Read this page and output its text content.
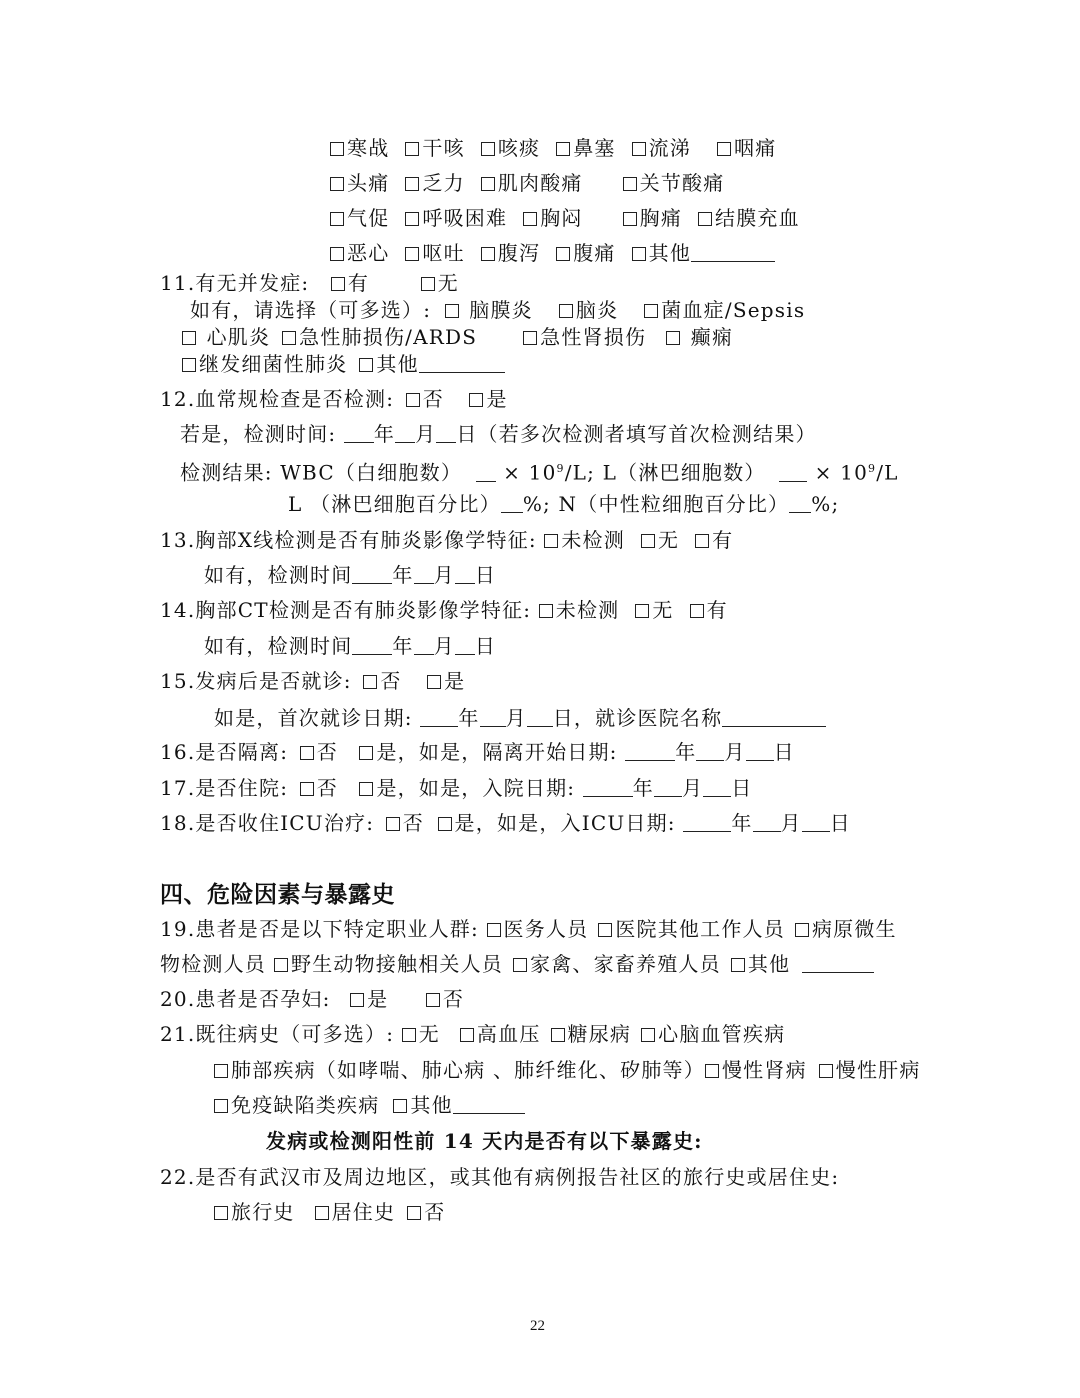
寒战 干咳 咳痰 鼻塞 流涕 咽痛
头痛 乏力 肌肉酸痛	关节酸痛
气促 呼吸困难 胸闷	胸痛 结膜充血
恶心 呕吐 腹泻 腹痛 其他
11.有无并发症: 有	无
如有，请选择（可多选）: 脑膜炎 脑炎 菌血症/Sepsis
心肌炎 急性肺损伤/ARDS	急性肾损伤 癫痫
继发细菌性肺炎 其他
12.血常规检查是否检测: 否 是
若是，检测时间: 年 月 日（若多次检测者填写首次检测结果）
检测结果: WBC（白细胞数） × $10^9/L$; L（淋巴细胞数） × $10^9/L$
L （淋巴细胞百分比） %; N（中性粒细胞百分比） %;
13.胸部X线检测是否有肺炎影像学特征: 未检测 无 有
如有，检测时间 年 月 日
14.胸部CT检测是否有肺炎影像学特征: 未检测 无 有
如有，检测时间 年 月 日
15.发病后是否就诊: 否 是
如是，首次就诊日期: 年 月 日，就诊医院名称
16.是否隔离: 否 是，如是，隔离开始日期:	年 月 日
17.是否住院: 否 是，如是，入院日期:	年 月 日
18.是否收住ICU治疗: 否 是，如是，入ICU日期:	年 月 日
四、危险因素与暴露史
19.患者是否是以下特定职业人群: 医务人员 医院其他工作人员 病原微生
物检测人员 野生动物接触相关人员 家禽、家畜养殖人员 其他
20.患者是否孕妇: 是	否
21.既往病史（可多选）: 无 高血压 糖尿病 心脑血管疾病
肺部疾病（如哮喘、肺心病 、肺纤维化、矽肺等） 慢性肾病 慢性肝病
免疫缺陷类疾病 其他
发病或检测阳性前 14 天内是否有以下暴露史:
22.是否有武汉市及周边地区，或其他有病例报告社区的旅行史或居住史:
旅行史 居住史 否
22
